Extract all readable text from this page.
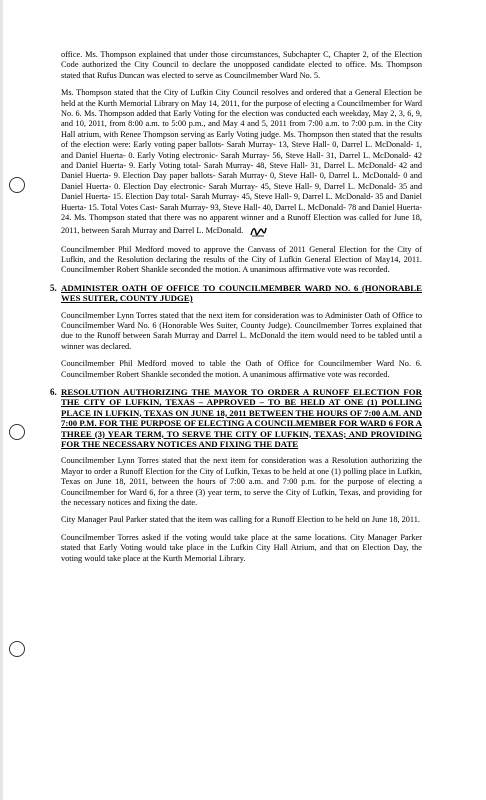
office. Ms. Thompson explained that under those circumstances, Subchapter C, Chapter 2, of the Election Code authorized the City Council to declare the unopposed candidate elected to office. Ms. Thompson stated that Rufus Duncan was elected to serve as Councilmember Ward No. 5.

Ms. Thompson stated that the City of Lufkin City Council resolves and ordered that a General Election be held at the Kurth Memorial Library on May 14, 2011, for the purpose of electing a Councilmember for Ward No. 6. Ms. Thompson added that Early Voting for the election was conducted each weekday, May 2, 3, 6, 9, and 10, 2011, from 8:00 a.m. to 5:00 p.m., and May 4 and 5, 2011 from 7:00 a.m. to 7:00 p.m. in the City Hall atrium, with Renee Thompson serving as Early Voting judge. Ms. Thompson then stated that the results of the election were: Early voting paper ballots- Sarah Murray- 13, Steve Hall- 0, Darrel L. McDonald- 1, and Daniel Huerta- 0. Early Voting electronic- Sarah Murray- 56, Steve Hall- 31, Darrel L. McDonald- 42 and Daniel Huerta- 9. Early Voting total- Sarah Murray- 48, Steve Hall- 31, Darrel L. McDonald- 42 and Daniel Huerta- 9. Election Day paper ballots- Sarah Murray- 0, Steve Hall- 0, Darrel L. McDonald- 0 and Daniel Huerta- 0. Election Day electronic- Sarah Murray- 45, Steve Hall- 9, Darrel L. McDonald- 35 and Daniel Huerta- 15. Election Day total- Sarah Murray- 45, Steve Hall- 9, Darrel L. McDonald- 35 and Daniel Huerta- 15. Total Votes Cast- Sarah Murray- 93, Steve Hall- 40, Darrel L. McDonald- 78 and Daniel Huerta- 24. Ms. Thompson stated that there was no apparent winner and a Runoff Election was called for June 18, 2011, between Sarah Murray and Darrel L. McDonald.

Councilmember Phil Medford moved to approve the Canvass of 2011 General Election for the City of Lufkin, and the Resolution declaring the results of the City of Lufkin General Election of May14, 2011. Councilmember Robert Shankle seconded the motion. A unanimous affirmative vote was recorded.

5. ADMINISTER OATH OF OFFICE TO COUNCILMEMBER WARD NO. 6 (HONORABLE WES SUITER, COUNTY JUDGE)

Councilmember Lynn Torres stated that the next item for consideration was to Administer Oath of Office to Councilmember Ward No. 6 (Honorable Wes Suiter, County Judge). Councilmember Torres explained that due to the Runoff between Sarah Murray and Darrel L. McDonald the item would need to be tabled until a winner was declared.

Councilmember Phil Medford moved to table the Oath of Office for Councilmember Ward No. 6. Councilmember Robert Shankle seconded the motion. A unanimous affirmative vote was recorded.

6. RESOLUTION AUTHORIZING THE MAYOR TO ORDER A RUNOFF ELECTION FOR THE CITY OF LUFKIN, TEXAS – APPROVED – TO BE HELD AT ONE (1) POLLING PLACE IN LUFKIN, TEXAS ON JUNE 18, 2011 BETWEEN THE HOURS OF 7:00 A.M. AND 7:00 P.M. FOR THE PURPOSE OF ELECTING A COUNCILMEMBER FOR WARD 6 FOR A THREE (3) YEAR TERM, TO SERVE THE CITY OF LUFKIN, TEXAS; AND PROVIDING FOR THE NECESSARY NOTICES AND FIXING THE DATE

Councilmember Lynn Torres stated that the next item for consideration was a Resolution authorizing the Mayor to order a Runoff Election for the City of Lufkin, Texas to be held at one (1) polling place in Lufkin, Texas on June 18, 2011, between the hours of 7:00 a.m. and 7:00 p.m. for the purpose of electing a Councilmember for Ward 6, for a three (3) year term, to serve the City of Lufkin, Texas, and providing for the necessary notices and fixing the date.

City Manager Paul Parker stated that the item was calling for a Runoff Election to be held on June 18, 2011.

Councilmember Torres asked if the voting would take place at the same locations. City Manager Parker stated that Early Voting would take place in the Lufkin City Hall Atrium, and that on Election Day, the voting would take place at the Kurth Memorial Library.
